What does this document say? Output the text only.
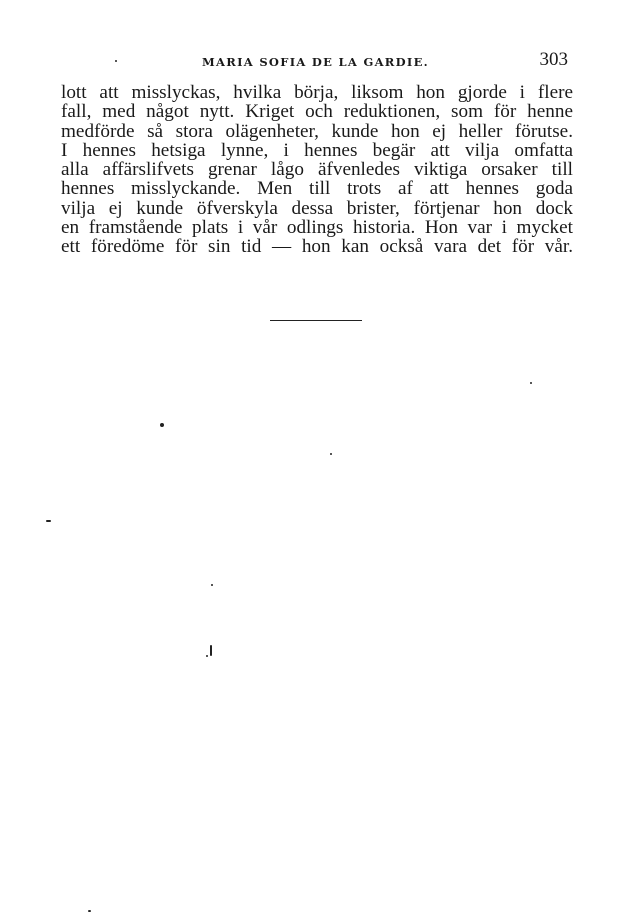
MARIA SOFIA DE LA GARDIE.	303
lott att misslyckas, hvilka börja, liksom hon gjorde i flere
fall, med något nytt. Kriget och reduktionen, som för henne
medförde så stora olägenheter, kunde hon ej heller förutse.
I hennes hetsiga lynne, i hennes begär att vilja omfatta
alla affärslifvets grenar lågo äfvenledes viktiga orsaker till
hennes misslyckande. Men till trots af att hennes goda
vilja ej kunde öfverskyla dessa brister, förtjenar hon dock
en framstående plats i vår odlings historia. Hon var i mycket
ett föredöme för sin tid — hon kan också vara det för vår.
